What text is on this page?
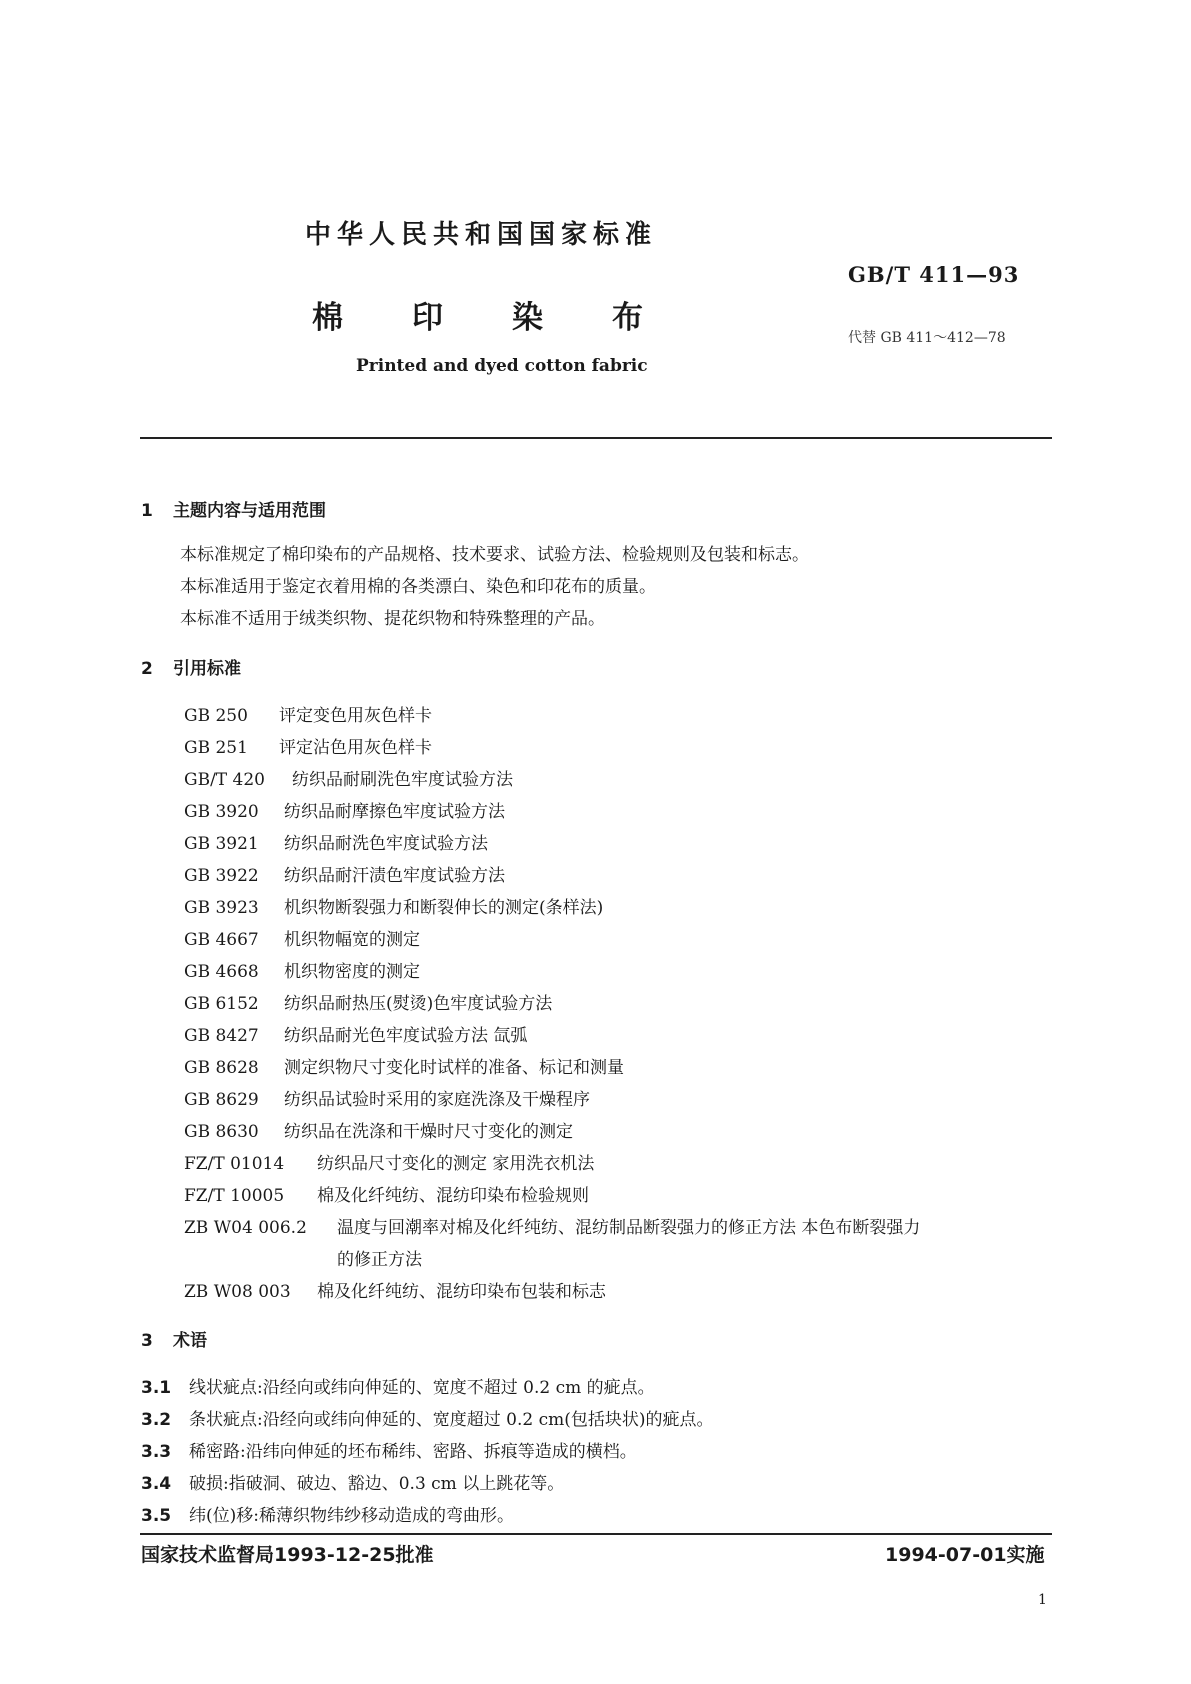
中华人民共和国国家标准
GB/T 411—93
棉 印 染 布
代替 GB 411～412—78
Printed and dyed cotton fabric
1 主题内容与适用范围
本标准规定了棉印染布的产品规格、技术要求、试验方法、检验规则及包装和标志。
本标准适用于鉴定衣着用棉的各类漂白、染色和印花布的质量。
本标准不适用于绒类织物、提花织物和特殊整理的产品。
2 引用标准
GB 250 评定变色用灰色样卡
GB 251 评定沾色用灰色样卡
GB/T 420 纺织品耐刷洗色牢度试验方法
GB 3920 纺织品耐摩擦色牢度试验方法
GB 3921 纺织品耐洗色牢度试验方法
GB 3922 纺织品耐汗渍色牢度试验方法
GB 3923 机织物断裂强力和断裂伸长的测定(条样法)
GB 4667 机织物幅宽的测定
GB 4668 机织物密度的测定
GB 6152 纺织品耐热压(熨烫)色牢度试验方法
GB 8427 纺织品耐光色牢度试验方法 氙弧
GB 8628 测定织物尺寸变化时试样的准备、标记和测量
GB 8629 纺织品试验时采用的家庭洗涤及干燥程序
GB 8630 纺织品在洗涤和干燥时尺寸变化的测定
FZ/T 01014 纺织品尺寸变化的测定 家用洗衣机法
FZ/T 10005 棉及化纤纯纺、混纺印染布检验规则
ZB W04 006.2 温度与回潮率对棉及化纤纯纺、混纺制品断裂强力的修正方法 本色布断裂强力
的修正方法
ZB W08 003 棉及化纤纯纺、混纺印染布包装和标志
3 术语
3.1 线状疵点:沿经向或纬向伸延的、宽度不超过 0.2 cm 的疵点。
3.2 条状疵点:沿经向或纬向伸延的、宽度超过 0.2 cm(包括块状)的疵点。
3.3 稀密路:沿纬向伸延的坯布稀纬、密路、拆痕等造成的横档。
3.4 破损:指破洞、破边、豁边、0.3 cm 以上跳花等。
3.5 纬(位)移:稀薄织物纬纱移动造成的弯曲形。
国家技术监督局1993-12-25批准	1994-07-01实施
1
